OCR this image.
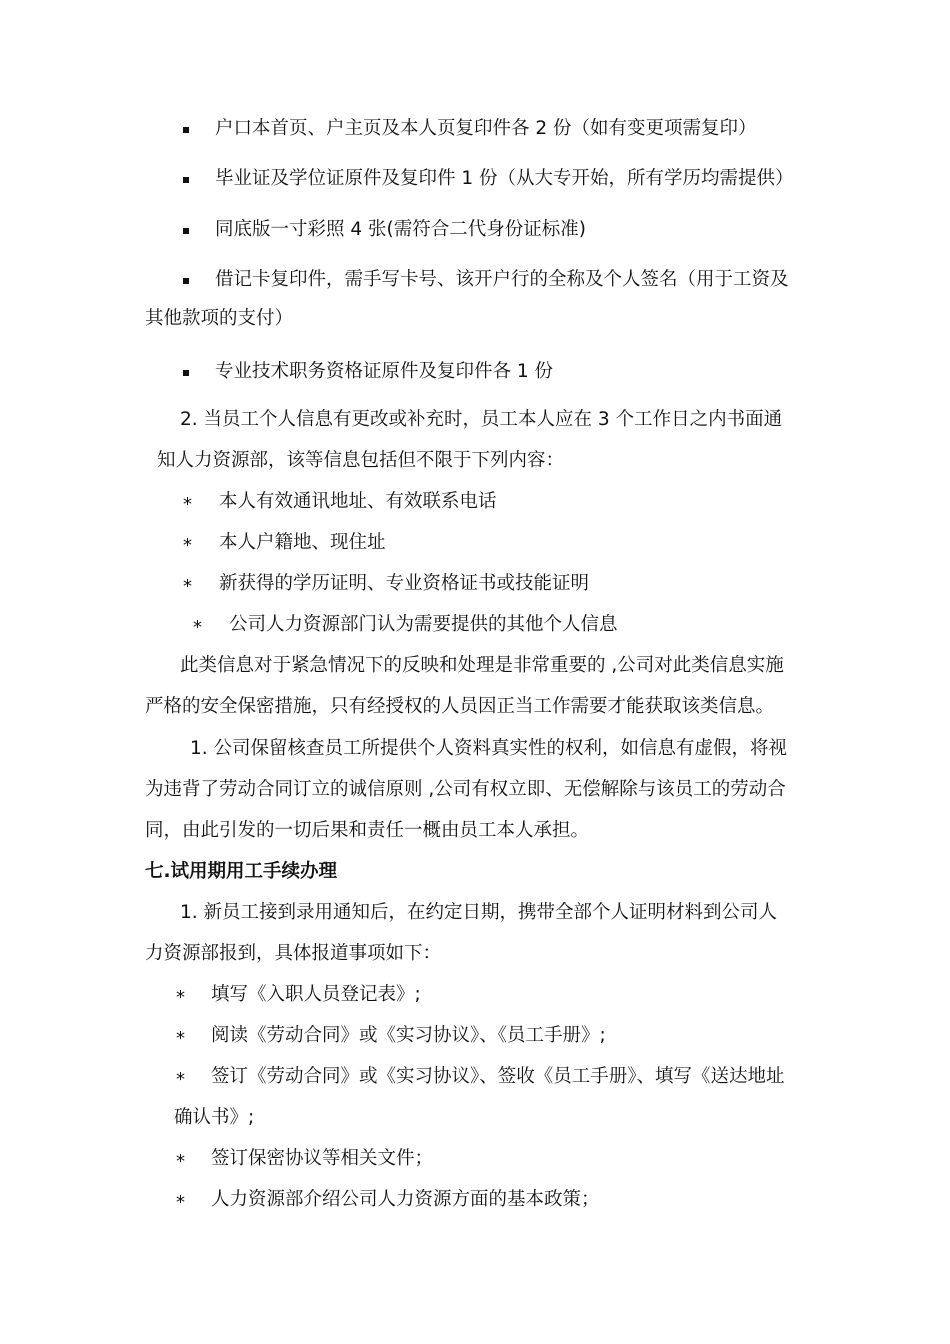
户口本首页、户主页及本人页复印件各 2 份（如有变更项需复印）
毕业证及学位证原件及复印件 1 份（从大专开始，所有学历均需提供）
同底版一寸彩照 4 张(需符合二代身份证标准)
借记卡复印件，需手写卡号、该开户行的全称及个人签名（用于工资及
其他款项的支付）
专业技术职务资格证原件及复印件各 1 份
2. 当员工个人信息有更改或补充时，员工本人应在 3 个工作日之内书面通
知人力资源部，该等信息包括但不限于下列内容：
* 本人有效通讯地址、有效联系电话
* 本人户籍地、现住址
* 新获得的学历证明、专业资格证书或技能证明
* 公司人力资源部门认为需要提供的其他个人信息
此类信息对于紧急情况下的反映和处理是非常重要的 ,公司对此类信息实施
严格的安全保密措施，只有经授权的人员因正当工作需要才能获取该类信息。
1. 公司保留核查员工所提供个人资料真实性的权利，如信息有虚假，将视
为违背了劳动合同订立的诚信原则 ,公司有权立即、无偿解除与该员工的劳动合
同，由此引发的一切后果和责任一概由员工本人承担。
七.试用期用工手续办理
1. 新员工接到录用通知后，在约定日期，携带全部个人证明材料到公司人
力资源部报到，具体报道事项如下：
* 填写《入职人员登记表》;
* 阅读《劳动合同》或《实习协议》、《员工手册》;
* 签订《劳动合同》或《实习协议》、签收《员工手册》、填写《送达地址
确认书》;
* 签订保密协议等相关文件；
* 人力资源部介绍公司人力资源方面的基本政策；
